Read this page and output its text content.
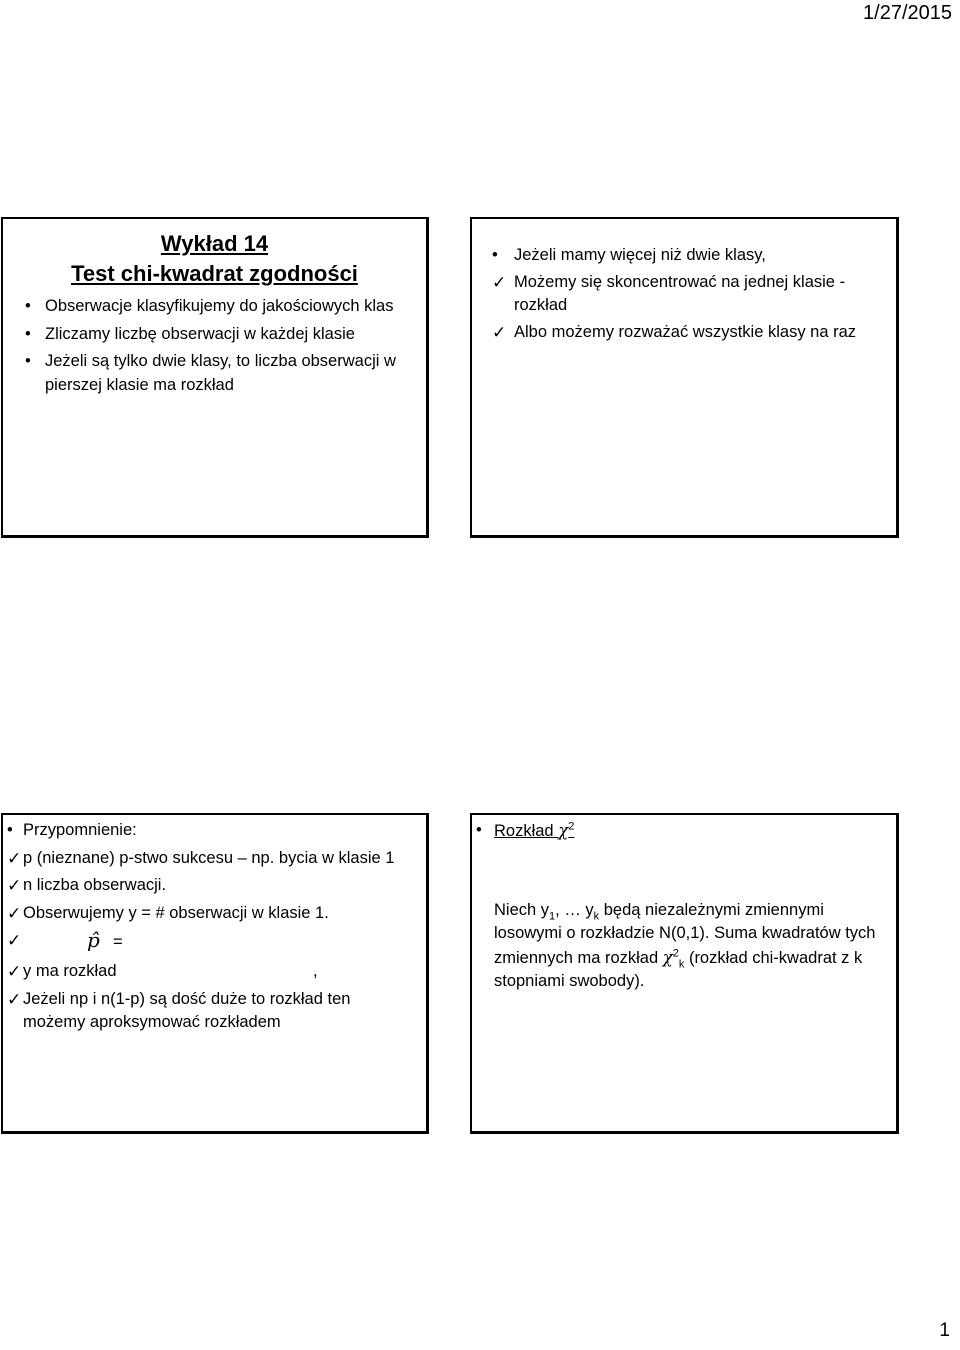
1/27/2015
Wykład 14
Test chi-kwadrat zgodności
• Obserwacje klasyfikujemy do jakościowych klas
• Zliczamy liczbę obserwacji w każdej klasie
• Jeżeli są tylko dwie klasy, to liczba obserwacji w pierszej klasie ma rozkład
• Jeżeli mamy więcej niż dwie klasy,
✓ Możemy się skoncentrować na jednej klasie - rozkład
✓ Albo możemy rozważać wszystkie klasy na raz
• Przypomnienie:
✓ p (nieznane) p-stwo sukcesu – np. bycia w klasie 1
✓ n liczba obserwacji.
✓ Obserwujemy y = # obserwacji w klasie 1.
✓	p̂ =
✓ y ma rozkład	,
✓ Jeżeli np i n(1-p) są dość duże to rozkład ten możemy aproksymować rozkładem
• Rozkład $\chi^2$

Niech $y_1$, … $y_k$ będą niezależnymi zmiennymi losowymi o rozkładzie N(0,1). Suma kwadratów tych zmiennych ma rozkład $\chi^2_k$ (rozkład chi-kwadrat z k stopniami swobody).

1
